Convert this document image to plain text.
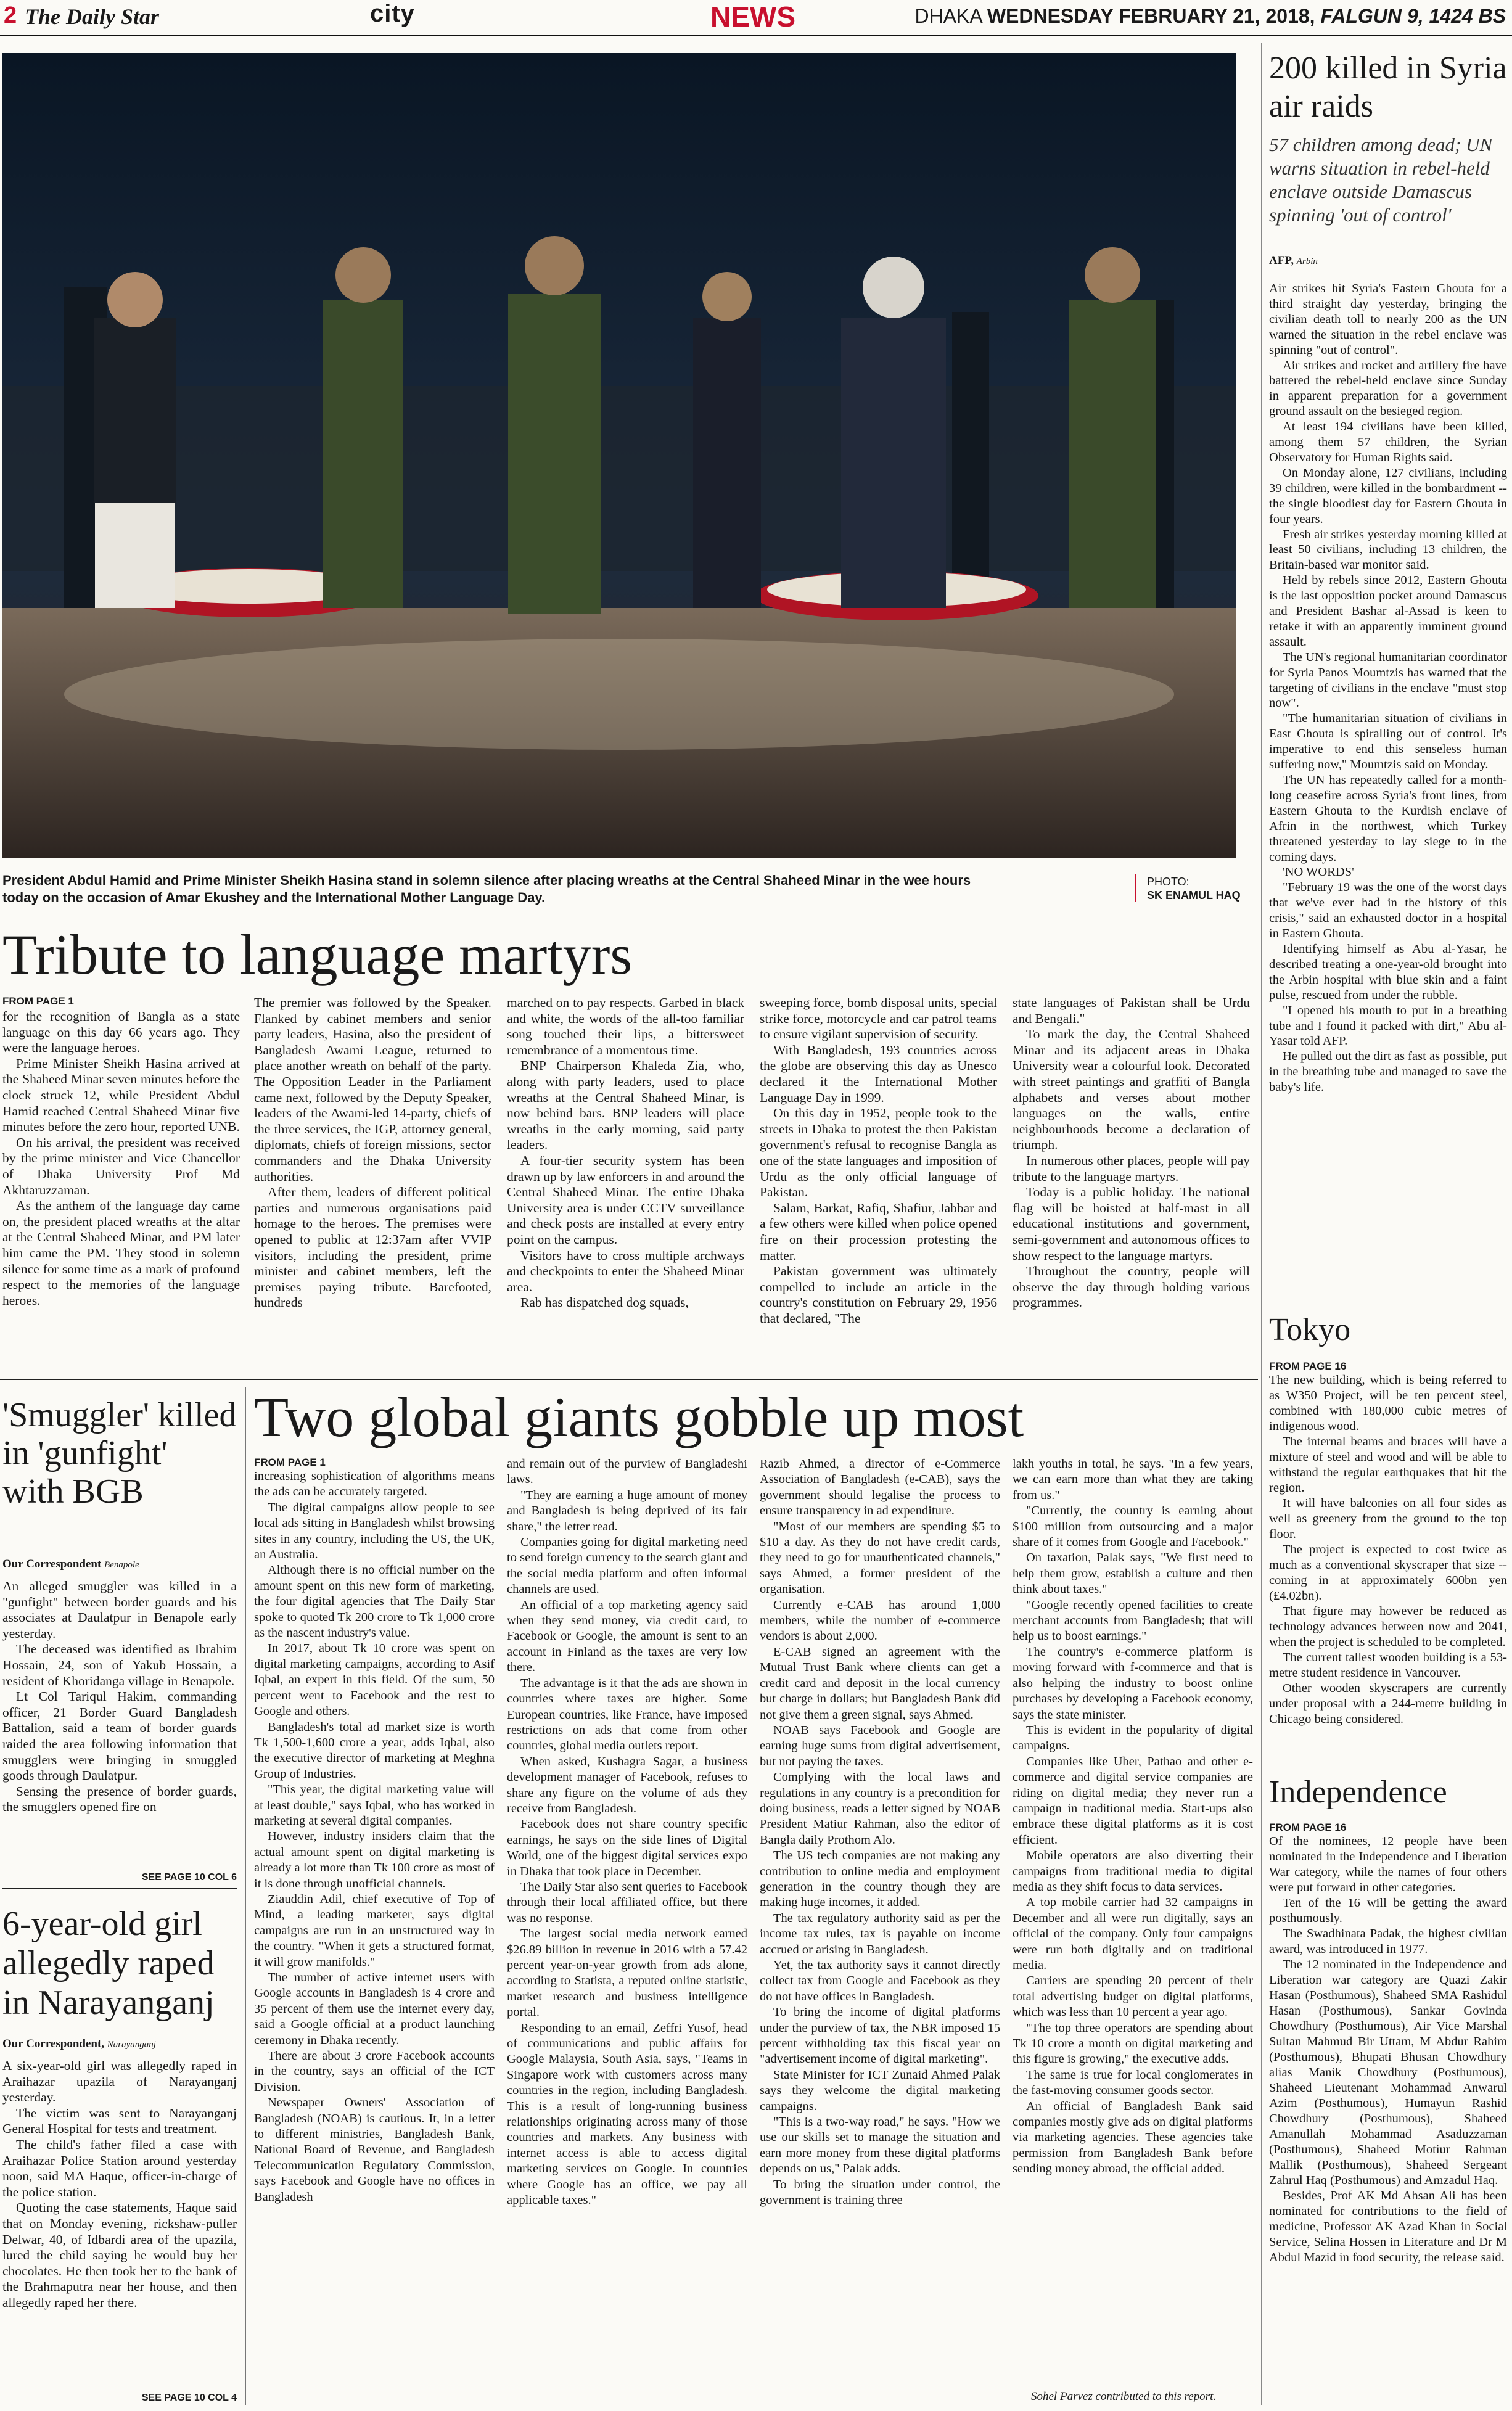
2 The Daily Star	city	NEWS	DHAKA WEDNESDAY FEBRUARY 21, 2018, FALGUN 9, 1424 BS
President Abdul Hamid and Prime Minister Sheikh Hasina stand in solemn silence after placing wreaths at the Central Shaheed Minar in the wee hours today on the occasion of Amar Ekushey and the International Mother Language Day.
PHOTO:
SK ENAMUL HAQ
Tribute to language martyrs
FROM PAGE 1

for the recognition of Bangla as a state language on this day 66 years ago. They were the language heroes.

Prime Minister Sheikh Hasina arrived at the Shaheed Minar seven minutes before the clock struck 12, while President Abdul Hamid reached Central Shaheed Minar five minutes before the zero hour, reported UNB.

On his arrival, the president was received by the prime minister and Vice Chancellor of Dhaka University Prof Md Akhtaruzzaman.

As the anthem of the language day came on, the president placed wreaths at the altar at the Central Shaheed Minar, and PM later him came the PM. They stood in solemn silence for some time as a mark of profound respect to the memories of the language heroes.

The premier was followed by the Speaker. Flanked by cabinet members and senior party leaders, Hasina, also the president of Bangladesh Awami League, returned to place another wreath on behalf of the party. The Opposition Leader in the Parliament came next, followed by the Deputy Speaker, leaders of the Awami-led 14-party, chiefs of the three services, the IGP, attorney general, diplomats, chiefs of foreign missions, sector commanders and the Dhaka University authorities.

After them, leaders of different political parties and numerous organisations paid homage to the heroes. The premises were opened to public at 12:37am after VVIP visitors, including the president, prime minister and cabinet members, left the premises paying tribute. Barefooted, hundreds

marched on to pay respects. Garbed in black and white, the words of the all-too familiar song touched their lips, a bittersweet remembrance of a momentous time.

BNP Chairperson Khaleda Zia, who, along with party leaders, used to place wreaths at the Central Shaheed Minar, is now behind bars. BNP leaders will place wreaths in the early morning, said party leaders.

A four-tier security system has been drawn up by law enforcers in and around the Central Shaheed Minar. The entire Dhaka University area is under CCTV surveillance and check posts are installed at every entry point on the campus.

Visitors have to cross multiple archways and checkpoints to enter the Shaheed Minar area.

Rab has dispatched dog squads,

sweeping force, bomb disposal units, special strike force, motorcycle and car patrol teams to ensure vigilant supervision of security.

With Bangladesh, 193 countries across the globe are observing this day as Unesco declared it the International Mother Language Day in 1999.

On this day in 1952, people took to the streets in Dhaka to protest the then Pakistan government's refusal to recognise Bangla as one of the state languages and imposition of Urdu as the only official language of Pakistan.

Salam, Barkat, Rafiq, Shafiur, Jabbar and a few others were killed when police opened fire on their procession protesting the matter.

Pakistan government was ultimately compelled to include an article in the country's constitution on February 29, 1956 that declared, "The

state languages of Pakistan shall be Urdu and Bengali."

To mark the day, the Central Shaheed Minar and its adjacent areas in Dhaka University wear a colourful look. Decorated with street paintings and graffiti of Bangla alphabets and verses about mother languages on the walls, entire neighbourhoods become a declaration of triumph.

In numerous other places, people will pay tribute to the language martyrs.

Today is a public holiday. The national flag will be hoisted at half-mast in all educational institutions and government, semi-government and autonomous offices to show respect to the language martyrs.

Throughout the country, people will observe the day through holding various programmes.

'Smuggler' killed in 'gunfight' with BGB
Our Correspondent Benapole

An alleged smuggler was killed in a "gunfight" between border guards and his associates at Daulatpur in Benapole early yesterday.

The deceased was identified as Ibrahim Hossain, 24, son of Yakub Hossain, a resident of Khoridanga village in Benapole.

Lt Col Tariqul Hakim, commanding officer, 21 Border Guard Bangladesh Battalion, said a team of border guards raided the area following information that smugglers were bringing in smuggled goods through Daulatpur.

Sensing the presence of border guards, the smugglers opened fire on

SEE PAGE 10 COL 6
6-year-old girl allegedly raped in Narayanganj
Our Correspondent, Narayanganj

A six-year-old girl was allegedly raped in Araihazar upazila of Narayanganj yesterday.

The victim was sent to Narayanganj General Hospital for tests and treatment.

The child's father filed a case with Araihazar Police Station around yesterday noon, said MA Haque, officer-in-charge of the police station.

Quoting the case statements, Haque said that on Monday evening, rickshaw-puller Delwar, 40, of Idbardi area of the upazila, lured the child saying he would buy her chocolates. He then took her to the bank of the Brahmaputra near her house, and then allegedly raped her there.

SEE PAGE 10 COL 4
Two global giants gobble up most
FROM PAGE 1

increasing sophistication of algorithms means the ads can be accurately targeted.

The digital campaigns allow people to see local ads sitting in Bangladesh whilst browsing sites in any country, including the US, the UK, an Australia.

Although there is no official number on the amount spent on this new form of marketing, the four digital agencies that The Daily Star spoke to quoted Tk 200 crore to Tk 1,000 crore as the nascent industry's value.

In 2017, about Tk 10 crore was spent on digital marketing campaigns, according to Asif Iqbal, an expert in this field. Of the sum, 50 percent went to Facebook and the rest to Google and others.

Bangladesh's total ad market size is worth Tk 1,500-1,600 crore a year, adds Iqbal, also the executive director of marketing at Meghna Group of Industries.

"This year, the digital marketing value will at least double," says Iqbal, who has worked in marketing at several digital companies.

However, industry insiders claim that the actual amount spent on digital marketing is already a lot more than Tk 100 crore as most of it is done through unofficial channels.

Ziauddin Adil, chief executive of Top of Mind, a leading marketer, says digital campaigns are run in an unstructured way in the country. "When it gets a structured format, it will grow manifolds."

The number of active internet users with Google accounts in Bangladesh is 4 crore and 35 percent of them use the internet every day, said a Google official at a product launching ceremony in Dhaka recently.

There are about 3 crore Facebook accounts in the country, says an official of the ICT Division.

Newspaper Owners' Association of Bangladesh (NOAB) is cautious. It, in a letter to different ministries, Bangladesh Bank, National Board of Revenue, and Bangladesh Telecommunication Regulatory Commission, says Facebook and Google have no offices in Bangladesh

and remain out of the purview of Bangladeshi laws.

"They are earning a huge amount of money and Bangladesh is being deprived of its fair share," the letter read.

Companies going for digital marketing need to send foreign currency to the search giant and the social media platform and often informal channels are used.

An official of a top marketing agency said when they send money, via credit card, to Facebook or Google, the amount is sent to an account in Finland as the taxes are very low there.

The advantage is it that the ads are shown in countries where taxes are higher. Some European countries, like France, have imposed restrictions on ads that come from other countries, global media outlets report.

When asked, Kushagra Sagar, a business development manager of Facebook, refuses to share any figure on the volume of ads they receive from Bangladesh.

Facebook does not share country specific earnings, he says on the side lines of Digital World, one of the biggest digital services expo in Dhaka that took place in December.

The Daily Star also sent queries to Facebook through their local affiliated office, but there was no response.

The largest social media network earned $26.89 billion in revenue in 2016 with a 57.42 percent year-on-year growth from ads alone, according to Statista, a reputed online statistic, market research and business intelligence portal.

Responding to an email, Zeffri Yusof, head of communications and public affairs for Google Malaysia, South Asia, says, "Teams in Singapore work with customers across many countries in the region, including Bangladesh. This is a result of long-running business relationships originating across many of those countries and markets. Any business with internet access is able to access digital marketing services on Google. In countries where Google has an office, we pay all applicable taxes."

Razib Ahmed, a director of e-Commerce Association of Bangladesh (e-CAB), says the government should legalise the process to ensure transparency in ad expenditure.

"Most of our members are spending $5 to $10 a day. As they do not have credit cards, they need to go for unauthenticated channels," says Ahmed, a former president of the organisation.

Currently e-CAB has around 1,000 members, while the number of e-commerce vendors is about 2,000.

E-CAB signed an agreement with the Mutual Trust Bank where clients can get a credit card and deposit in the local currency but charge in dollars; but Bangladesh Bank did not give them a green signal, says Ahmed.

NOAB says Facebook and Google are earning huge sums from digital advertisement, but not paying the taxes.

Complying with the local laws and regulations in any country is a precondition for doing business, reads a letter signed by NOAB President Matiur Rahman, also the editor of Bangla daily Prothom Alo.

The US tech companies are not making any contribution to online media and employment generation in the country though they are making huge incomes, it added.

The tax regulatory authority said as per the income tax rules, tax is payable on income accrued or arising in Bangladesh.

Yet, the tax authority says it cannot directly collect tax from Google and Facebook as they do not have offices in Bangladesh.

To bring the income of digital platforms under the purview of tax, the NBR imposed 15 percent withholding tax this fiscal year on "advertisement income of digital marketing".

State Minister for ICT Zunaid Ahmed Palak says they welcome the digital marketing campaigns.

"This is a two-way road," he says. "How we use our skills set to manage the situation and earn more money from these digital platforms depends on us," Palak adds.

To bring the situation under control, the government is training three

lakh youths in total, he says. "In a few years, we can earn more than what they are taking from us."

"Currently, the country is earning about $100 million from outsourcing and a major share of it comes from Google and Facebook."

On taxation, Palak says, "We first need to help them grow, establish a culture and then think about taxes."

"Google recently opened facilities to create merchant accounts from Bangladesh; that will help us to boost earnings."

The country's e-commerce platform is moving forward with f-commerce and that is also helping the industry to boost online purchases by developing a Facebook economy, says the state minister.

This is evident in the popularity of digital campaigns.

Companies like Uber, Pathao and other e-commerce and digital service companies are riding on digital media; they never run a campaign in traditional media. Start-ups also embrace these digital platforms as it is cost efficient.

Mobile operators are also diverting their campaigns from traditional media to digital media as they shift focus to data services.

A top mobile carrier had 32 campaigns in December and all were run digitally, says an official of the company. Only four campaigns were run both digitally and on traditional media.

Carriers are spending 20 percent of their total advertising budget on digital platforms, which was less than 10 percent a year ago.

"The top three operators are spending about Tk 10 crore a month on digital marketing and this figure is growing," the executive adds.

The same is true for local conglomerates in the fast-moving consumer goods sector.

An official of Bangladesh Bank said companies mostly give ads on digital platforms via marketing agencies. These agencies take permission from Bangladesh Bank before sending money abroad, the official added.

Sohel Parvez contributed to this report.
200 killed in Syria air raids
57 children among dead; UN warns situation in rebel-held enclave outside Damascus spinning 'out of control'
AFP, Arbin

Air strikes hit Syria's Eastern Ghouta for a third straight day yesterday, bringing the civilian death toll to nearly 200 as the UN warned the situation in the rebel enclave was spinning "out of control".

Air strikes and rocket and artillery fire have battered the rebel-held enclave since Sunday in apparent preparation for a government ground assault on the besieged region.

At least 194 civilians have been killed, among them 57 children, the Syrian Observatory for Human Rights said.

On Monday alone, 127 civilians, including 39 children, were killed in the bombardment -- the single bloodiest day for Eastern Ghouta in four years.

Fresh air strikes yesterday morning killed at least 50 civilians, including 13 children, the Britain-based war monitor said.

Held by rebels since 2012, Eastern Ghouta is the last opposition pocket around Damascus and President Bashar al-Assad is keen to retake it with an apparently imminent ground assault.

The UN's regional humanitarian coordinator for Syria Panos Moumtzis has warned that the targeting of civilians in the enclave "must stop now".

"The humanitarian situation of civilians in East Ghouta is spiralling out of control. It's imperative to end this senseless human suffering now," Moumtzis said on Monday.

The UN has repeatedly called for a month-long ceasefire across Syria's front lines, from Eastern Ghouta to the Kurdish enclave of Afrin in the northwest, which Turkey threatened yesterday to lay siege to in the coming days.

'NO WORDS'

"February 19 was the one of the worst days that we've ever had in the history of this crisis," said an exhausted doctor in a hospital in Eastern Ghouta.

Identifying himself as Abu al-Yasar, he described treating a one-year-old brought into the Arbin hospital with blue skin and a faint pulse, rescued from under the rubble.

"I opened his mouth to put in a breathing tube and I found it packed with dirt," Abu al-Yasar told AFP.

He pulled out the dirt as fast as possible, put in the breathing tube and managed to save the baby's life.

Tokyo
FROM PAGE 16

The new building, which is being referred to as W350 Project, will be ten percent steel, combined with 180,000 cubic metres of indigenous wood.

The internal beams and braces will have a mixture of steel and wood and will be able to withstand the regular earthquakes that hit the region.

It will have balconies on all four sides as well as greenery from the ground to the top floor.

The project is expected to cost twice as much as a conventional skyscraper that size -- coming in at approximately 600bn yen (£4.02bn).

That figure may however be reduced as technology advances between now and 2041, when the project is scheduled to be completed.

The current tallest wooden building is a 53-metre student residence in Vancouver.

Other wooden skyscrapers are currently under proposal with a 244-metre building in Chicago being considered.

Independence
FROM PAGE 16

Of the nominees, 12 people have been nominated in the Independence and Liberation War category, while the names of four others were put forward in other categories.

Ten of the 16 will be getting the award posthumously.

The Swadhinata Padak, the highest civilian award, was introduced in 1977.

The 12 nominated in the Independence and Liberation war category are Quazi Zakir Hasan (Posthumous), Shaheed SMA Rashidul Hasan (Posthumous), Sankar Govinda Chowdhury (Posthumous), Air Vice Marshal Sultan Mahmud Bir Uttam, M Abdur Rahim (Posthumous), Bhupati Bhusan Chowdhury alias Manik Chowdhury (Posthumous), Shaheed Lieutenant Mohammad Anwarul Azim (Posthumous), Humayun Rashid Chowdhury (Posthumous), Shaheed Amanullah Mohammad Asaduzzaman (Posthumous), Shaheed Motiur Rahman Mallik (Posthumous), Shaheed Sergeant Zahrul Haq (Posthumous) and Amzadul Haq.

Besides, Prof AK Md Ahsan Ali has been nominated for contributions to the field of medicine, Professor AK Azad Khan in Social Service, Selina Hossen in Literature and Dr M Abdul Mazid in food security, the release said.
